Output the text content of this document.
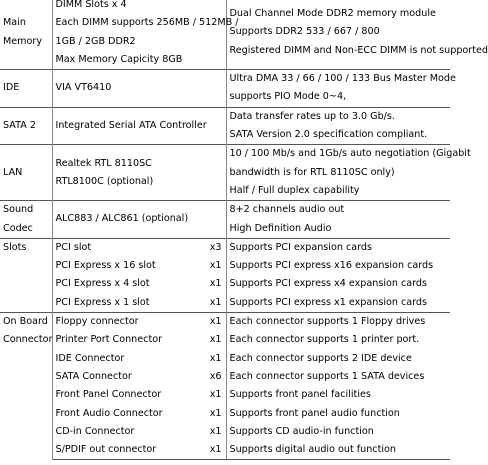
Main
Memory	DIMM Slots x 4
Each DIMM supports 256MB / 512MB /
1GB / 2GB DDR2
Max Memory Capicity 8GB		Dual Channel Mode DDR2 memory module
Supports DDR2 533 / 667 / 800
Registered DIMM and Non-ECC DIMM is not supported

IDE	VIA VT6410		Ultra DMA 33 / 66 / 100 / 133 Bus Master Mode
supports PIO Mode 0~4,

SATA 2	Integrated Serial ATA Controller		Data transfer rates up to 3.0 Gb/s.
SATA Version 2.0 specification compliant.

LAN	Realtek RTL 8110SC
RTL8100C (optional)		10 / 100 Mb/s and 1Gb/s auto negotiation (Gigabit
bandwidth is for RTL 8110SC only)
Half / Full duplex capability

Sound
Codec	ALC883 / ALC861 (optional)		8+2 channels audio out
High Definition Audio

Slots	PCI slot	x3	Supports PCI expansion cards
	PCI Express x 16 slot	x1	Supports PCI express x16 expansion cards
	PCI Express x 4 slot	x1	Supports PCI express x4 expansion cards
	PCI Express x 1 slot	x1	Supports PCI express x1 expansion cards

On Board
Connector	Floppy connector	x1	Each connector supports 1 Floppy drives
	Printer Port Connector	x1	Each connector supports 1 printer port.
	IDE Connector	x1	Each connector supports 2 IDE device
	SATA Connector	x6	Each connector supports 1 SATA devices
	Front Panel Connector	x1	Supports front panel facilities
	Front Audio Connector	x1	Supports front panel audio function
	CD-in Connector	x1	Supports CD audio-in function
	S/PDIF out connector	x1	Supports digital audio out function
